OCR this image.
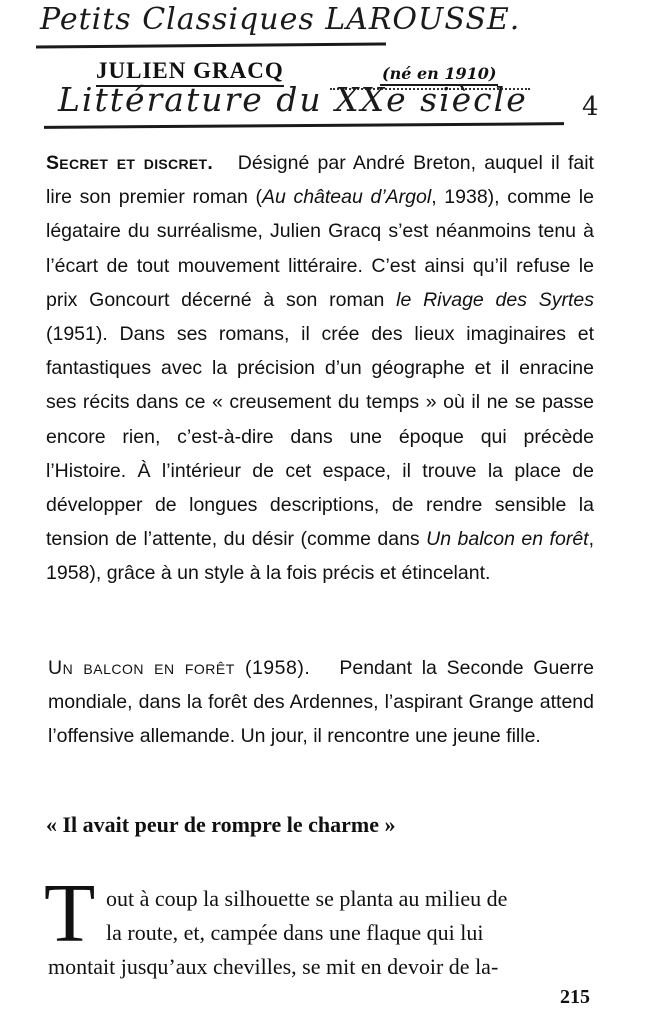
Petits Classiques LAROUSSE.
JULIEN GRACQ	(né en 1910)
Littérature du XXe siècle 4
Secret et discret. Désigné par André Breton, auquel il fait lire son premier roman (Au château d’Argol, 1938), comme le légataire du surréalisme, Julien Gracq s’est néanmoins tenu à l’écart de tout mouvement littéraire. C’est ainsi qu’il refuse le prix Goncourt décerné à son roman le Rivage des Syrtes (1951). Dans ses romans, il crée des lieux imaginaires et fantastiques avec la précision d’un géographe et il enracine ses récits dans ce « creusement du temps » où il ne se passe encore rien, c’est-à-dire dans une époque qui précède l’Histoire. À l’intérieur de cet espace, il trouve la place de développer de longues descriptions, de rendre sensible la tension de l’attente, du désir (comme dans Un balcon en forêt, 1958), grâce à un style à la fois précis et étincelant.
Un balcon en forêt (1958). Pendant la Seconde Guerre mondiale, dans la forêt des Ardennes, l’aspirant Grange attend l’offensive allemande. Un jour, il rencontre une jeune fille.
« Il avait peur de rompre le charme »
T out à coup la silhouette se planta au milieu de
la route, et, campée dans une flaque qui lui
montait jusqu’aux chevilles, se mit en devoir de la-
215
